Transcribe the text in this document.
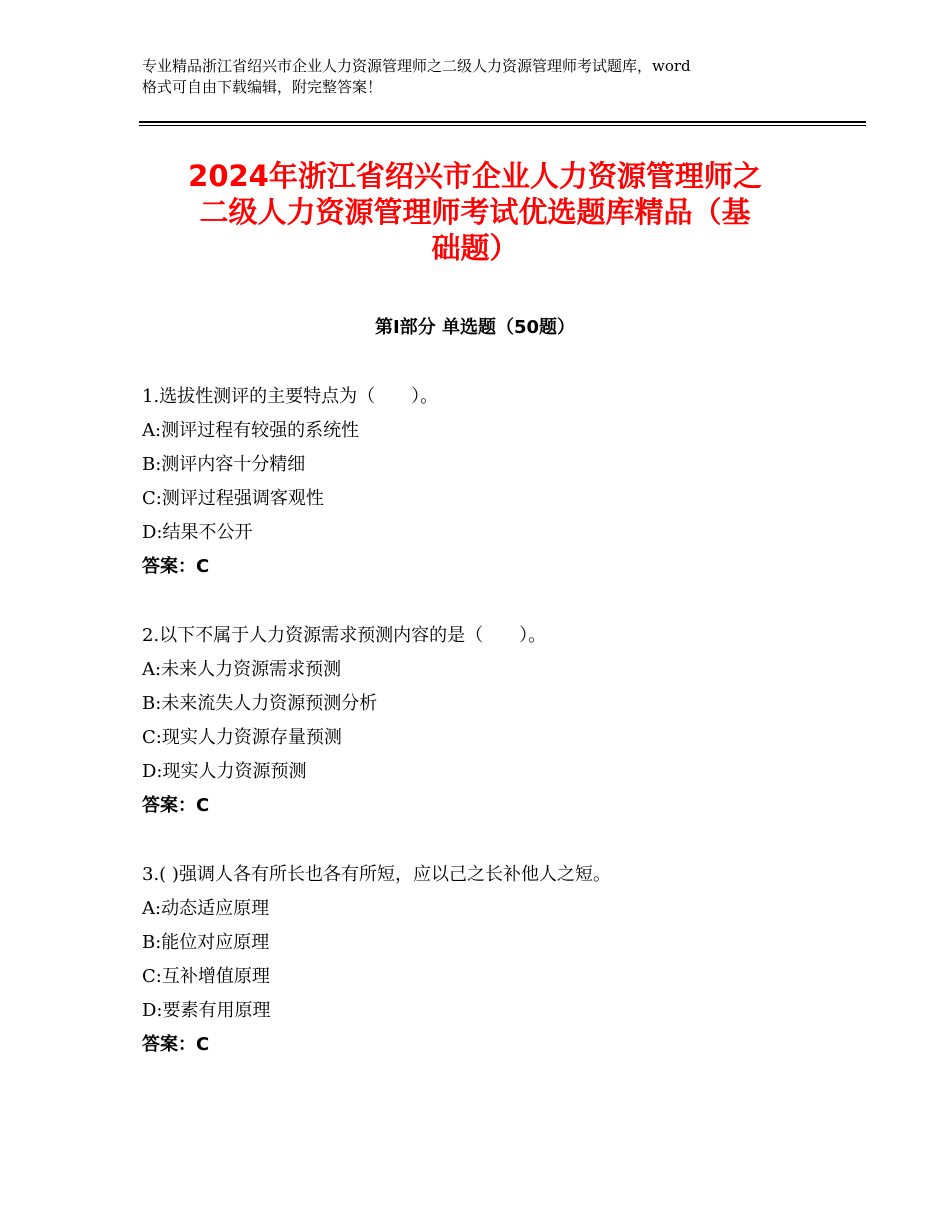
专业精品浙江省绍兴市企业人力资源管理师之二级人力资源管理师考试题库，word
格式可自由下载编辑，附完整答案！
2024年浙江省绍兴市企业人力资源管理师之
二级人力资源管理师考试优选题库精品（基
础题）
第Ⅰ部分 单选题（50题）
1.选拔性测评的主要特点为（　　）。
A:测评过程有较强的系统性
B:测评内容十分精细
C:测评过程强调客观性
D:结果不公开
答案：C
2.以下不属于人力资源需求预测内容的是（　　）。
A:未来人力资源需求预测
B:未来流失人力资源预测分析
C:现实人力资源存量预测
D:现实人力资源预测
答案：C
3.( )强调人各有所长也各有所短，应以己之长补他人之短。
A:动态适应原理
B:能位对应原理
C:互补增值原理
D:要素有用原理
答案：C
